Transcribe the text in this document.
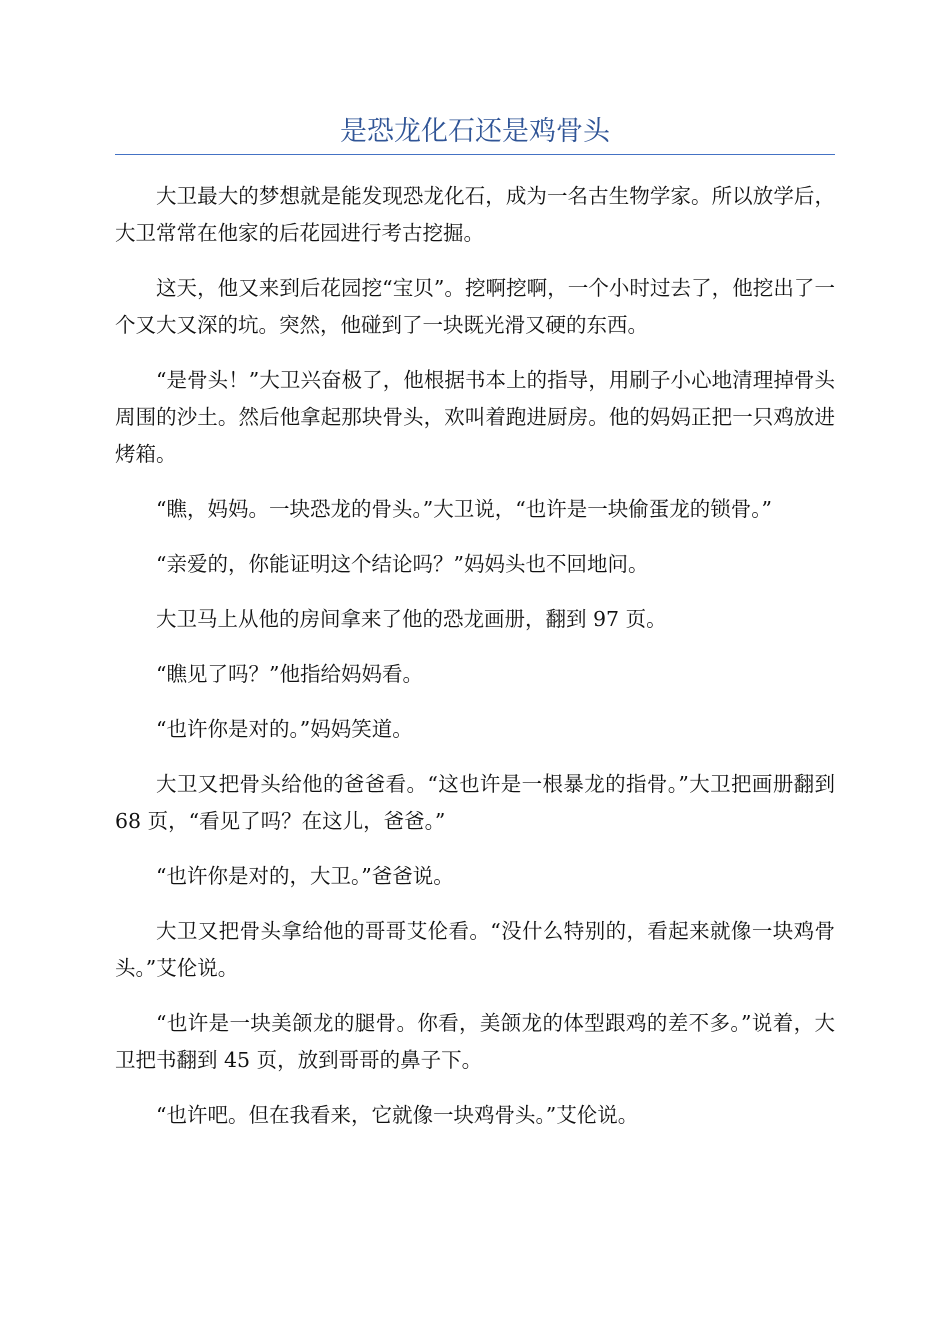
是恐龙化石还是鸡骨头

大卫最大的梦想就是能发现恐龙化石，成为一名古生物学家。所以放学后，大卫常常在他家的后花园进行考古挖掘。

这天，他又来到后花园挖“宝贝”。挖啊挖啊，一个小时过去了，他挖出了一个又大又深的坑。突然，他碰到了一块既光滑又硬的东西。

“是骨头！”大卫兴奋极了，他根据书本上的指导，用刷子小心地清理掉骨头周围的沙土。然后他拿起那块骨头，欢叫着跑进厨房。他的妈妈正把一只鸡放进烤箱。

“瞧，妈妈。一块恐龙的骨头。”大卫说，“也许是一块偷蛋龙的锁骨。”

“亲爱的，你能证明这个结论吗？”妈妈头也不回地问。

大卫马上从他的房间拿来了他的恐龙画册，翻到 97 页。

“瞧见了吗？”他指给妈妈看。

“也许你是对的。”妈妈笑道。

大卫又把骨头给他的爸爸看。“这也许是一根暴龙的指骨。”大卫把画册翻到 68 页，“看见了吗？在这儿，爸爸。”

“也许你是对的，大卫。”爸爸说。

大卫又把骨头拿给他的哥哥艾伦看。“没什么特别的，看起来就像一块鸡骨头。”艾伦说。

“也许是一块美颌龙的腿骨。你看，美颌龙的体型跟鸡的差不多。”说着，大卫把书翻到 45 页，放到哥哥的鼻子下。

“也许吧。但在我看来，它就像一块鸡骨头。”艾伦说。
